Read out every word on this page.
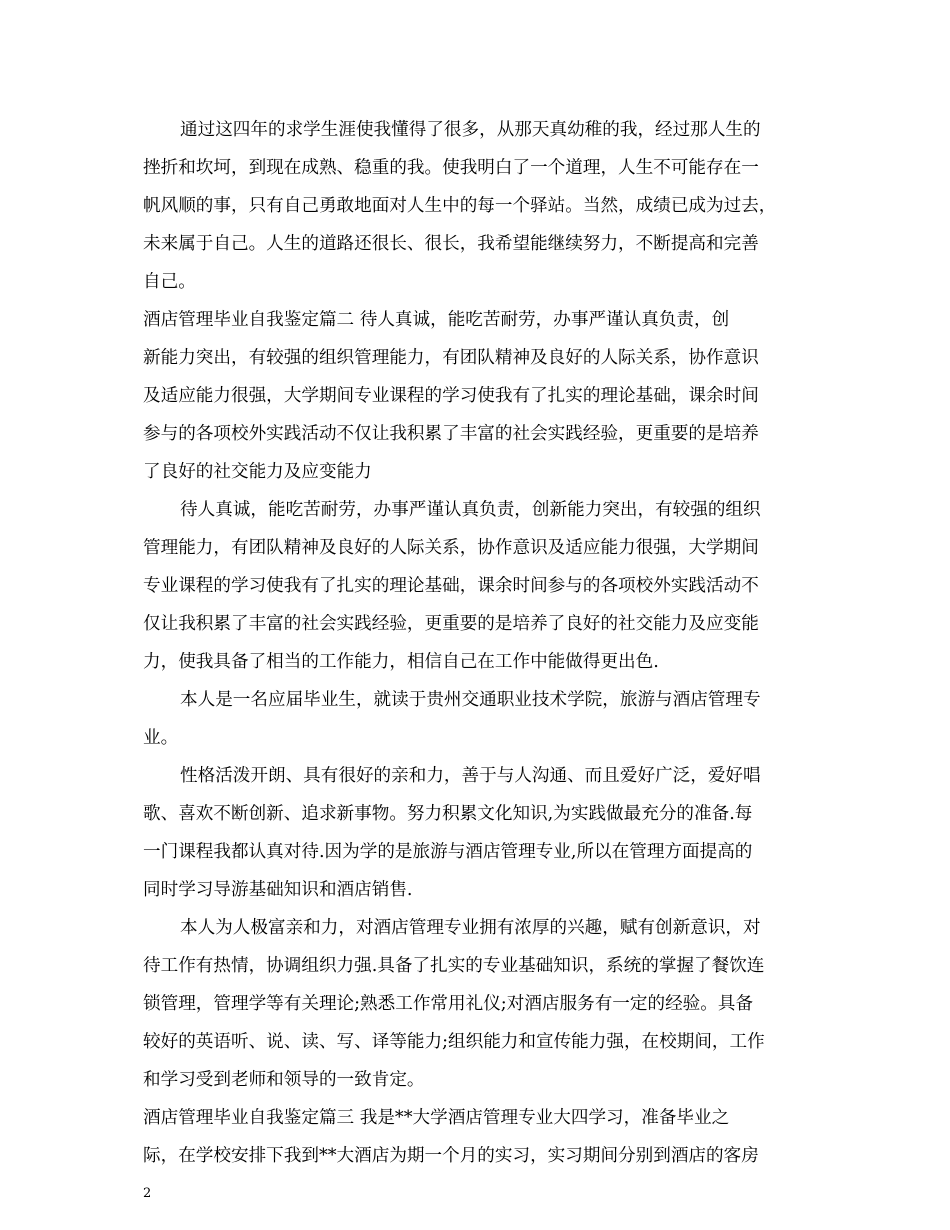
通过这四年的求学生涯使我懂得了很多，从那天真幼稚的我，经过那人生的
挫折和坎坷，到现在成熟、稳重的我。使我明白了一个道理，人生不可能存在一
帆风顺的事，只有自己勇敢地面对人生中的每一个驿站。当然，成绩已成为过去，
未来属于自己。人生的道路还很长、很长，我希望能继续努力，不断提高和完善
自己。
酒店管理毕业自我鉴定篇二 待人真诚，能吃苦耐劳，办事严谨认真负责，创
新能力突出，有较强的组织管理能力，有团队精神及良好的人际关系，协作意识
及适应能力很强，大学期间专业课程的学习使我有了扎实的理论基础，课余时间
参与的各项校外实践活动不仅让我积累了丰富的社会实践经验，更重要的是培养
了良好的社交能力及应变能力
待人真诚，能吃苦耐劳，办事严谨认真负责，创新能力突出，有较强的组织
管理能力，有团队精神及良好的人际关系，协作意识及适应能力很强，大学期间
专业课程的学习使我有了扎实的理论基础，课余时间参与的各项校外实践活动不
仅让我积累了丰富的社会实践经验，更重要的是培养了良好的社交能力及应变能
力，使我具备了相当的工作能力，相信自己在工作中能做得更出色.
本人是一名应届毕业生，就读于贵州交通职业技术学院，旅游与酒店管理专
业。
性格活泼开朗、具有很好的亲和力，善于与人沟通、而且爱好广泛，爱好唱
歌、喜欢不断创新、追求新事物。努力积累文化知识,为实践做最充分的准备.每
一门课程我都认真对待.因为学的是旅游与酒店管理专业,所以在管理方面提高的
同时学习导游基础知识和酒店销售.
本人为人极富亲和力，对酒店管理专业拥有浓厚的兴趣，赋有创新意识，对
待工作有热情，协调组织力强.具备了扎实的专业基础知识，系统的掌握了餐饮连
锁管理，管理学等有关理论;熟悉工作常用礼仪;对酒店服务有一定的经验。具备
较好的英语听、说、读、写、译等能力;组织能力和宣传能力强，在校期间，工作
和学习受到老师和领导的一致肯定。
酒店管理毕业自我鉴定篇三 我是**大学酒店管理专业大四学习，准备毕业之
际，在学校安排下我到**大酒店为期一个月的实习，实习期间分别到酒店的客房
2
